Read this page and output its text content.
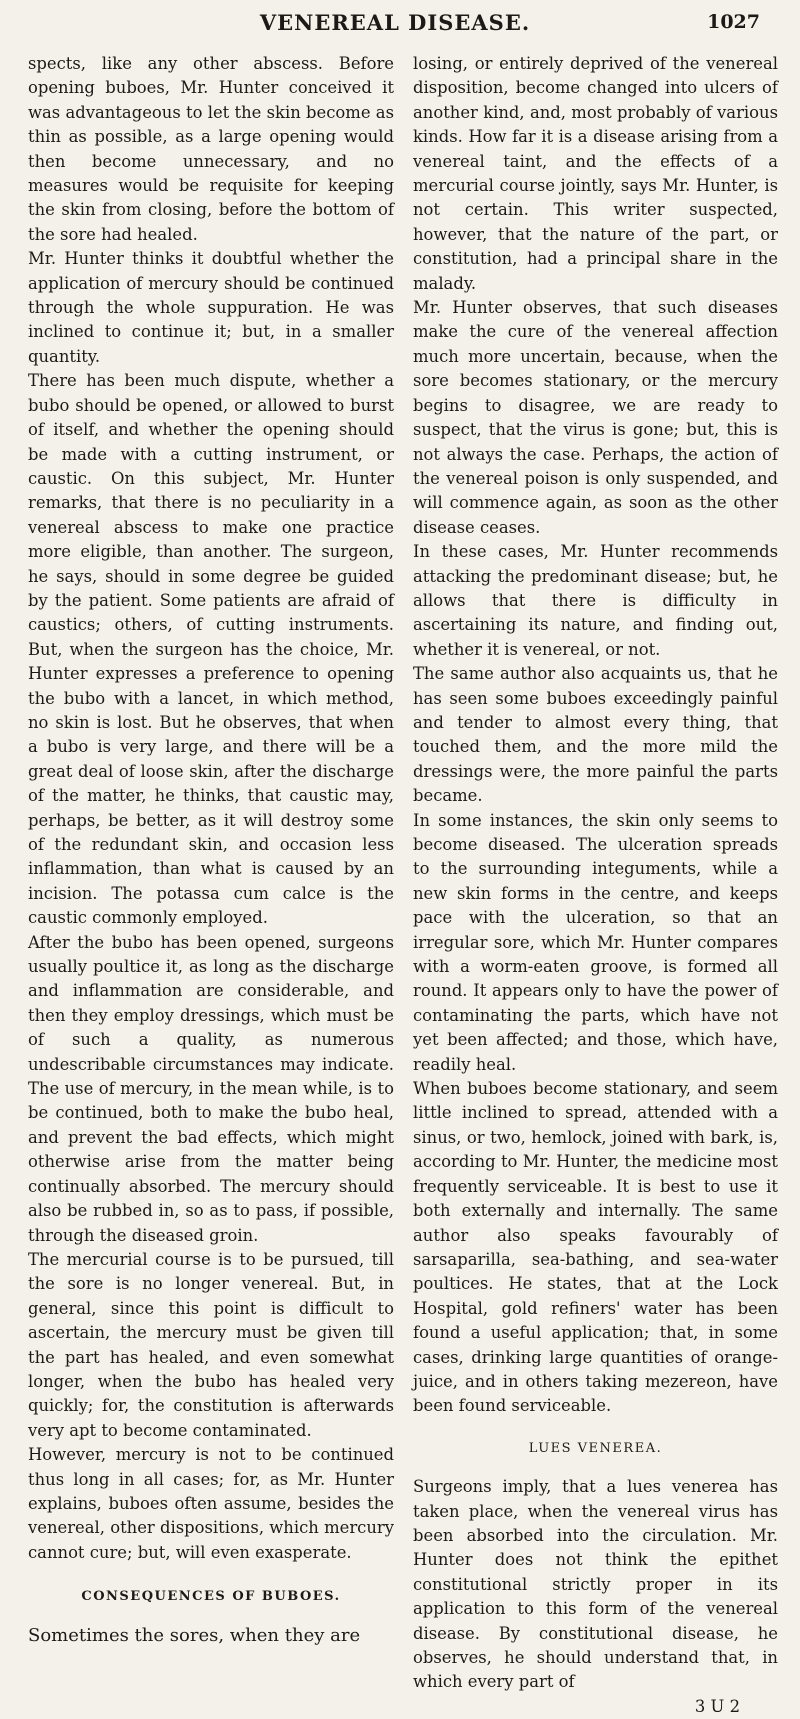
VENEREAL DISEASE.	1027

spects, like any other abscess. Before opening buboes, Mr. Hunter conceived it was advantageous to let the skin become as thin as possible, as a large opening would then become unnecessary, and no measures would be requisite for keeping the skin from closing, before the bottom of the sore had healed.

Mr. Hunter thinks it doubtful whether the application of mercury should be continued through the whole suppuration. He was inclined to continue it; but, in a smaller quantity.

There has been much dispute, whether a bubo should be opened, or allowed to burst of itself, and whether the opening should be made with a cutting instrument, or caustic. On this subject, Mr. Hunter remarks, that there is no peculiarity in a venereal abscess to make one practice more eligible, than another. The surgeon, he says, should in some degree be guided by the patient. Some patients are afraid of caustics; others, of cutting instruments. But, when the surgeon has the choice, Mr. Hunter expresses a preference to opening the bubo with a lancet, in which method, no skin is lost. But he observes, that when a bubo is very large, and there will be a great deal of loose skin, after the discharge of the matter, he thinks, that caustic may, perhaps, be better, as it will destroy some of the redundant skin, and occasion less inflammation, than what is caused by an incision. The potassa cum calce is the caustic commonly employed.

After the bubo has been opened, surgeons usually poultice it, as long as the discharge and inflammation are considerable, and then they employ dressings, which must be of such a quality, as numerous undescribable circumstances may indicate. The use of mercury, in the mean while, is to be continued, both to make the bubo heal, and prevent the bad effects, which might otherwise arise from the matter being continually absorbed. The mercury should also be rubbed in, so as to pass, if possible, through the diseased groin.

The mercurial course is to be pursued, till the sore is no longer venereal. But, in general, since this point is difficult to ascertain, the mercury must be given till the part has healed, and even somewhat longer, when the bubo has healed very quickly; for, the constitution is afterwards very apt to become contaminated.

However, mercury is not to be continued thus long in all cases; for, as Mr. Hunter explains, buboes often assume, besides the venereal, other dispositions, which mercury cannot cure; but, will even exasperate.

CONSEQUENCES OF BUBOES.

Sometimes the sores, when they are

losing, or entirely deprived of the venereal disposition, become changed into ulcers of another kind, and, most probably of various kinds. How far it is a disease arising from a venereal taint, and the effects of a mercurial course jointly, says Mr. Hunter, is not certain. This writer suspected, however, that the nature of the part, or constitution, had a principal share in the malady.

Mr. Hunter observes, that such diseases make the cure of the venereal affection much more uncertain, because, when the sore becomes stationary, or the mercury begins to disagree, we are ready to suspect, that the virus is gone; but, this is not always the case. Perhaps, the action of the venereal poison is only suspended, and will commence again, as soon as the other disease ceases.

In these cases, Mr. Hunter recommends attacking the predominant disease; but, he allows that there is difficulty in ascertaining its nature, and finding out, whether it is venereal, or not.

The same author also acquaints us, that he has seen some buboes exceedingly painful and tender to almost every thing, that touched them, and the more mild the dressings were, the more painful the parts became.

In some instances, the skin only seems to become diseased. The ulceration spreads to the surrounding integuments, while a new skin forms in the centre, and keeps pace with the ulceration, so that an irregular sore, which Mr. Hunter compares with a worm-eaten groove, is formed all round. It appears only to have the power of contaminating the parts, which have not yet been affected; and those, which have, readily heal.

When buboes become stationary, and seem little inclined to spread, attended with a sinus, or two, hemlock, joined with bark, is, according to Mr. Hunter, the medicine most frequently serviceable. It is best to use it both externally and internally. The same author also speaks favourably of sarsaparilla, sea-bathing, and sea-water poultices. He states, that at the Lock Hospital, gold refiners' water has been found a useful application; that, in some cases, drinking large quantities of orange-juice, and in others taking mezereon, have been found serviceable.

LUES VENEREA.

Surgeons imply, that a lues venerea has taken place, when the venereal virus has been absorbed into the circulation. Mr. Hunter does not think the epithet constitutional strictly proper in its application to this form of the venereal disease. By constitutional disease, he observes, he should understand that, in which every part of

3 U 2
